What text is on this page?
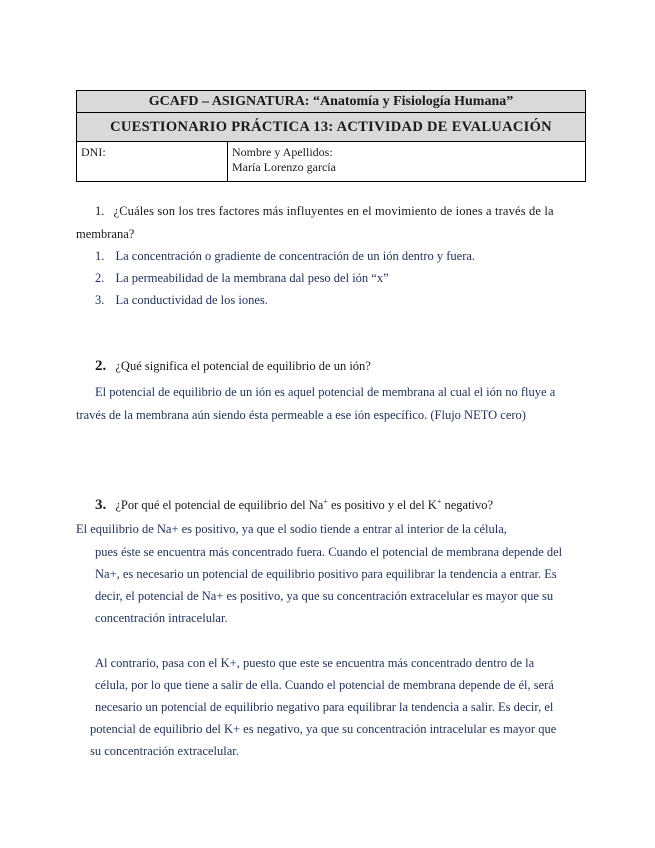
GCAFD – ASIGNATURA: “Anatomía y Fisiología Humana”
CUESTIONARIO PRÁCTICA 13: ACTIVIDAD DE EVALUACIÓN
DNI:	Nombre y Apellidos:
María Lorenzo garcía
1. ¿Cuáles son los tres factores más influyentes en el movimiento de iones a través de la
membrana?
1. La concentración o gradiente de concentración de un ión dentro y fuera.
2. La permeabilidad de la membrana dal peso del ión “x”
3. La conductividad de los iones.
2. ¿Qué significa el potencial de equilibrio de un ión?
El potencial de equilibrio de un ión es aquel potencial de membrana al cual el ión no fluye a
través de la membrana aún siendo ésta permeable a ese ión específico. (Flujo NETO cero)
3. ¿Por qué el potencial de equilibrio del Na+ es positivo y el del K+ negativo?
El equilibrio de Na+ es positivo, ya que el sodio tiende a entrar al interior de la célula,
pues éste se encuentra más concentrado fuera. Cuando el potencial de membrana depende del
Na+, es necesario un potencial de equilibrio positivo para equilibrar la tendencia a entrar. Es
decir, el potencial de Na+ es positivo, ya que su concentración extracelular es mayor que su
concentración intracelular.
Al contrario, pasa con el K+, puesto que este se encuentra más concentrado dentro de la
célula, por lo que tiene a salir de ella. Cuando el potencial de membrana depende de él, será
necesario un potencial de equilibrio negativo para equilibrar la tendencia a salir. Es decir, el
potencial de equilibrio del K+ es negativo, ya que su concentración intracelular es mayor que
su concentración extracelular.
